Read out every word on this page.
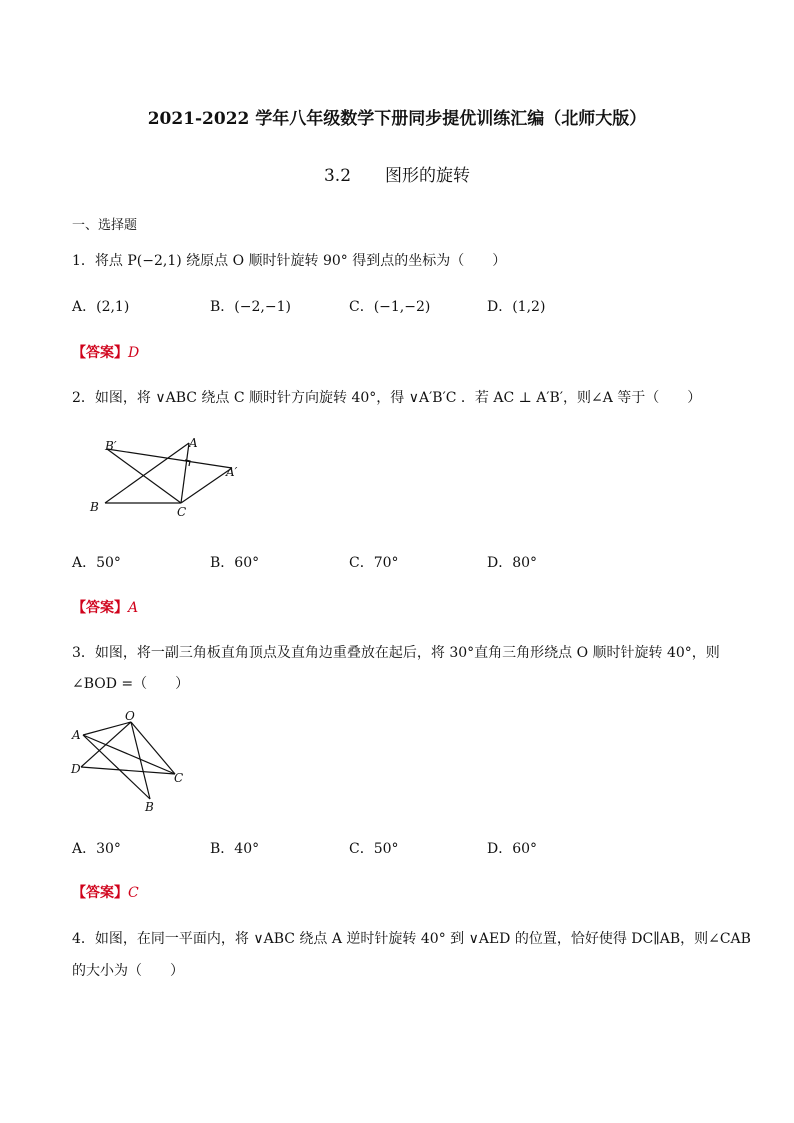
2021-2022 学年八年级数学下册同步提优训练汇编（北师大版）
3.2　　图形的旋转
一、选择题
1．将点 P(−2,1) 绕原点 O 顺时针旋转 90° 得到点的坐标为（　　）
A．(2,1)	B．(−2,−1)	C．(−1,−2)	D．(1,2)
【答案】D
2．如图，将 ∨ABC 绕点 C 顺时针方向旋转 40°，得 ∨A′B′C ．若 AC ⊥ A′B′，则∠A 等于（　　）
B′	A
A′
B	C
A．50°	B．60°	C．70°	D．80°
【答案】A
3．如图，将一副三角板直角顶点及直角边重叠放在起后，将 30°直角三角形绕点 O 顺时针旋转 40°，则
∠BOD =（　　）
O
A
D
C
B
A．30°	B．40°	C．50°	D．60°
【答案】C
4．如图，在同一平面内，将 ∨ABC 绕点 A 逆时针旋转 40° 到 ∨AED 的位置，恰好使得 DC∥AB，则∠CAB
的大小为（　　）
